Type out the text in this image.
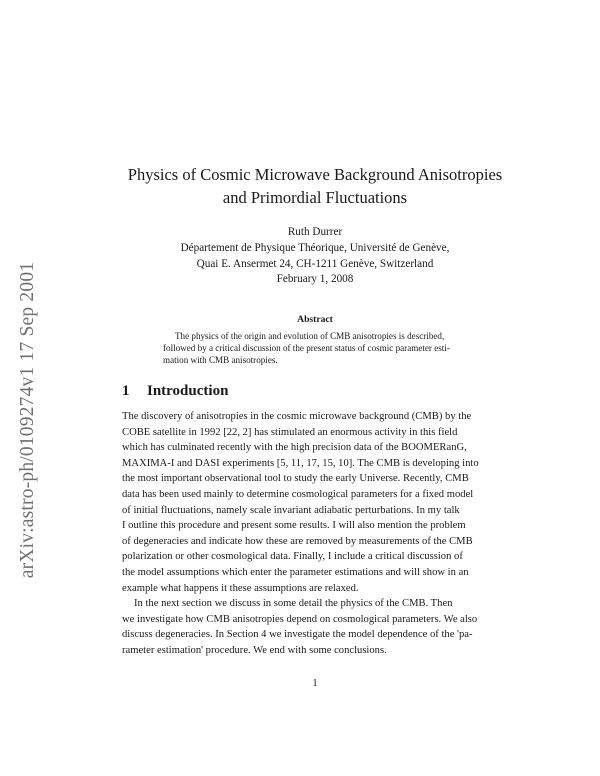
arXiv:astro-ph/0109274v1 17 Sep 2001
Physics of Cosmic Microwave Background Anisotropies
and Primordial Fluctuations
Ruth Durrer
Département de Physique Théorique, Université de Genève,
Quai E. Ansermet 24, CH-1211 Genève, Switzerland
February 1, 2008
Abstract
The physics of the origin and evolution of CMB anisotropies is described,
followed by a critical discussion of the present status of cosmic parameter esti-
mation with CMB anisotropies.
1 Introduction
The discovery of anisotropies in the cosmic microwave background (CMB) by the
COBE satellite in 1992 [22, 2] has stimulated an enormous activity in this field
which has culminated recently with the high precision data of the BOOMERanG,
MAXIMA-I and DASI experiments [5, 11, 17, 15, 10]. The CMB is developing into
the most important observational tool to study the early Universe. Recently, CMB
data has been used mainly to determine cosmological parameters for a fixed model
of initial fluctuations, namely scale invariant adiabatic perturbations. In my talk
I outline this procedure and present some results. I will also mention the problem
of degeneracies and indicate how these are removed by measurements of the CMB
polarization or other cosmological data. Finally, I include a critical discussion of
the model assumptions which enter the parameter estimations and will show in an
example what happens it these assumptions are relaxed.
In the next section we discuss in some detail the physics of the CMB. Then
we investigate how CMB anisotropies depend on cosmological parameters. We also
discuss degeneracies. In Section 4 we investigate the model dependence of the 'pa-
rameter estimation' procedure. We end with some conclusions.
1
